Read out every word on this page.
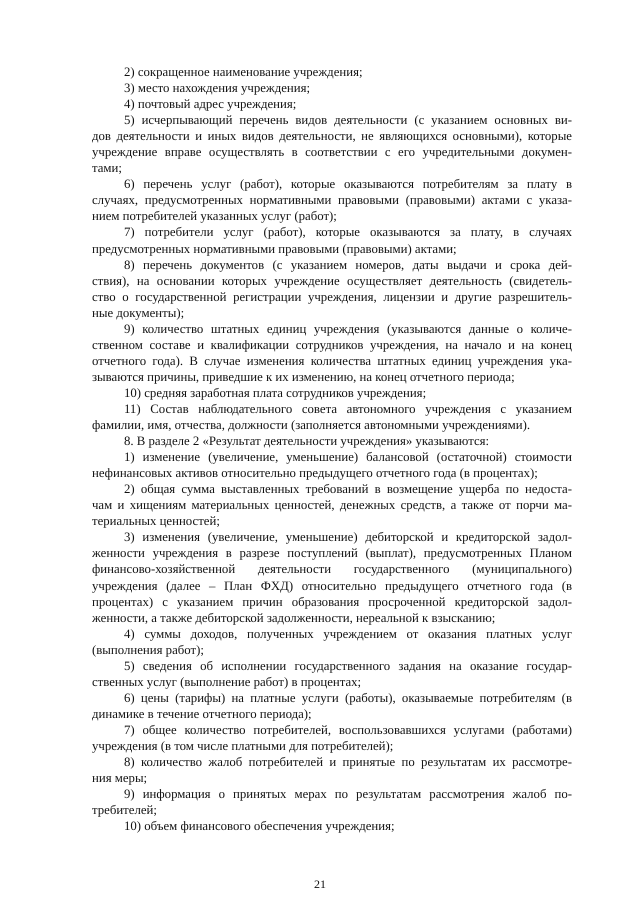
2) сокращенное наименование учреждения;
3) место нахождения учреждения;
4) почтовый адрес учреждения;
5) исчерпывающий перечень видов деятельности (с указанием основных ви-
дов деятельности и иных видов деятельности, не являющихся основными), которые
учреждение вправе осуществлять в соответствии с его учредительными докумен-
тами;
6) перечень услуг (работ), которые оказываются потребителям за плату в
случаях, предусмотренных нормативными правовыми (правовыми) актами с указа-
нием потребителей указанных услуг (работ);
7) потребители услуг (работ), которые оказываются за плату, в случаях
предусмотренных нормативными правовыми (правовыми) актами;
8) перечень документов (с указанием номеров, даты выдачи и срока дей-
ствия), на основании которых учреждение осуществляет деятельность (свидетель-
ство о государственной регистрации учреждения, лицензии и другие разрешитель-
ные документы);
9) количество штатных единиц учреждения (указываются данные о количе-
ственном составе и квалификации сотрудников учреждения, на начало и на конец
отчетного года). В случае изменения количества штатных единиц учреждения ука-
зываются причины, приведшие к их изменению, на конец отчетного периода;
10) средняя заработная плата сотрудников учреждения;
11) Состав наблюдательного совета автономного учреждения с указанием
фамилии, имя, отчества, должности (заполняется автономными учреждениями).
8. В разделе 2 «Результат деятельности учреждения» указываются:
1) изменение (увеличение, уменьшение) балансовой (остаточной) стоимости
нефинансовых активов относительно предыдущего отчетного года (в процентах);
2) общая сумма выставленных требований в возмещение ущерба по недоста-
чам и хищениям материальных ценностей, денежных средств, а также от порчи ма-
териальных ценностей;
3) изменения (увеличение, уменьшение) дебиторской и кредиторской задол-
женности учреждения в разрезе поступлений (выплат), предусмотренных Планом
финансово-хозяйственной деятельности государственного (муниципального)
учреждения (далее – План ФХД) относительно предыдущего отчетного года (в
процентах) с указанием причин образования просроченной кредиторской задол-
женности, а также дебиторской задолженности, нереальной к взысканию;
4) суммы доходов, полученных учреждением от оказания платных услуг
(выполнения работ);
5) сведения об исполнении государственного задания на оказание государ-
ственных услуг (выполнение работ) в процентах;
6) цены (тарифы) на платные услуги (работы), оказываемые потребителям (в
динамике в течение отчетного периода);
7) общее количество потребителей, воспользовавшихся услугами (работами)
учреждения (в том числе платными для потребителей);
8) количество жалоб потребителей и принятые по результатам их рассмотре-
ния меры;
9) информация о принятых мерах по результатам рассмотрения жалоб по-
требителей;
10) объем финансового обеспечения учреждения;
21
